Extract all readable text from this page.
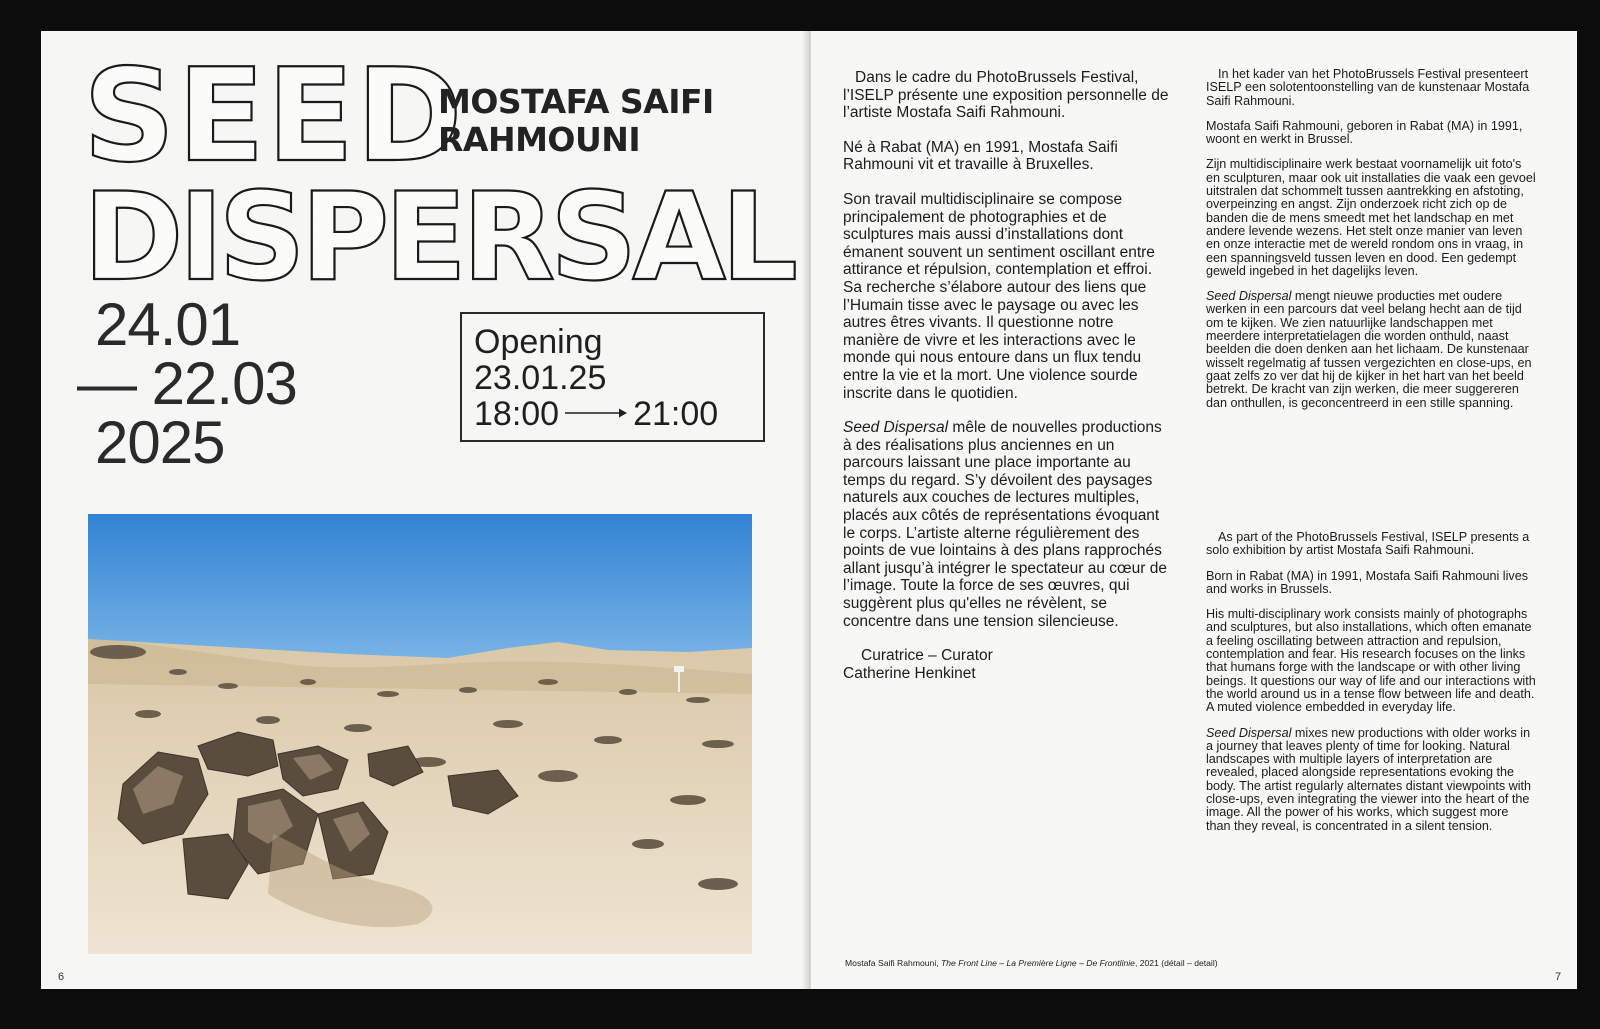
SEED
MOSTAFA SAIFI
RAHMOUNI
DISPERSAL
24.01
— 22.03
2025
Opening
23.01.25
18:00 21:00

6

Dans le cadre du PhotoBrussels Festival, l’ISELP présente une exposition personnelle de l’artiste Mostafa Saifi Rahmouni.

Né à Rabat (MA) en 1991, Mostafa Saifi Rahmouni vit et travaille à Bruxelles.

Son travail multidisciplinaire se compose principalement de photographies et de sculptures mais aussi d’installations dont émanent souvent un sentiment oscillant entre attirance et répulsion, contemplation et effroi. Sa recherche s’élabore autour des liens que l’Humain tisse avec le paysage ou avec les autres êtres vivants. Il questionne notre manière de vivre et les interactions avec le monde qui nous entoure dans un flux tendu entre la vie et la mort. Une violence sourde inscrite dans le quotidien.

Seed Dispersal mêle de nouvelles productions à des réalisations plus anciennes en un parcours laissant une place importante au temps du regard. S’y dévoilent des paysages naturels aux couches de lectures multiples, placés aux côtés de représentations évoquant le corps. L’artiste alterne régulièrement des points de vue lointains à des plans rapprochés allant jusqu’à intégrer le spectateur au cœur de l’image. Toute la force de ses œuvres, qui suggèrent plus qu'elles ne révèlent, se concentre dans une tension silencieuse.

Curatrice – Curator
Catherine Henkinet

In het kader van het PhotoBrussels Festival presenteert ISELP een solotentoonstelling van de kunstenaar Mostafa Saifi Rahmouni.

Mostafa Saifi Rahmouni, geboren in Rabat (MA) in 1991, woont en werkt in Brussel.

Zijn multidisciplinaire werk bestaat voornamelijk uit foto's en sculpturen, maar ook uit installaties die vaak een gevoel uitstralen dat schommelt tussen aantrekking en afstoting, overpeinzing en angst. Zijn onderzoek richt zich op de banden die de mens smeedt met het landschap en met andere levende wezens. Het stelt onze manier van leven en onze interactie met de wereld rondom ons in vraag, in een spanningsveld tussen leven en dood. Een gedempt geweld ingebed in het dagelijks leven.

Seed Dispersal mengt nieuwe producties met oudere werken in een parcours dat veel belang hecht aan de tijd om te kijken. We zien natuurlijke landschappen met meerdere interpretatielagen die worden onthuld, naast beelden die doen denken aan het lichaam. De kunstenaar wisselt regelmatig af tussen vergezichten en close-ups, en gaat zelfs zo ver dat hij de kijker in het hart van het beeld betrekt. De kracht van zijn werken, die meer suggereren dan onthullen, is geconcentreerd in een stille spanning.

As part of the PhotoBrussels Festival, ISELP presents a solo exhibition by artist Mostafa Saifi Rahmouni.

Born in Rabat (MA) in 1991, Mostafa Saifi Rahmouni lives and works in Brussels.

His multi-disciplinary work consists mainly of photographs and sculptures, but also installations, which often emanate a feeling oscillating between attraction and repulsion, contemplation and fear. His research focuses on the links that humans forge with the landscape or with other living beings. It questions our way of life and our interactions with the world around us in a tense flow between life and death. A muted violence embedded in everyday life.

Seed Dispersal mixes new productions with older works in a journey that leaves plenty of time for looking. Natural landscapes with multiple layers of interpretation are revealed, placed alongside representations evoking the body. The artist regularly alternates distant viewpoints with close-ups, even integrating the viewer into the heart of the image. All the power of his works, which suggest more than they reveal, is concentrated in a silent tension.

Mostafa Saifi Rahmouni, The Front Line – La Première Ligne – De Frontlinie, 2021 (détail – detail)

7
